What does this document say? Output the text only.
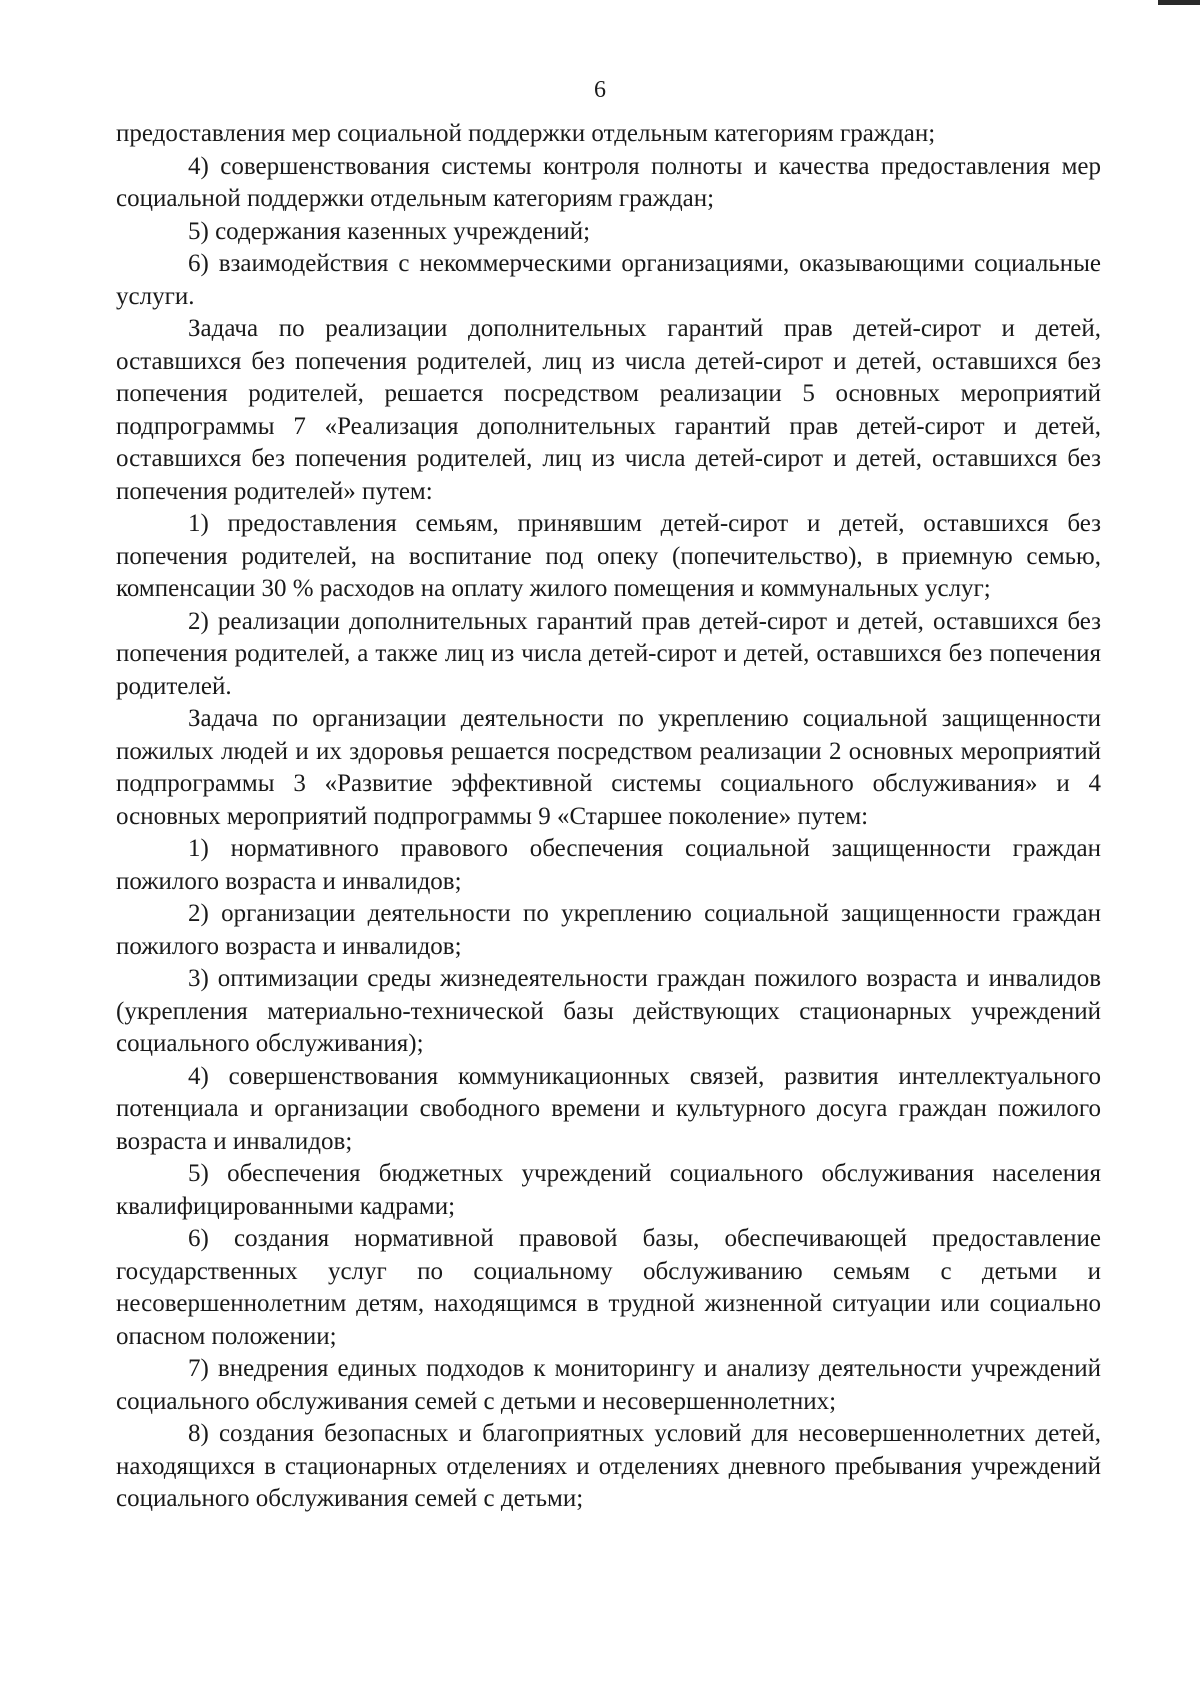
6

предоставления мер социальной поддержки отдельным категориям граждан;

4) совершенствования системы контроля полноты и качества предоставления мер социальной поддержки отдельным категориям граждан;

5) содержания казенных учреждений;

6) взаимодействия с некоммерческими организациями, оказывающими социальные услуги.

Задача по реализации дополнительных гарантий прав детей-сирот и детей, оставшихся без попечения родителей, лиц из числа детей-сирот и детей, оставшихся без попечения родителей, решается посредством реализации 5 основных мероприятий подпрограммы 7 «Реализация дополнительных гарантий прав детей-сирот и детей, оставшихся без попечения родителей, лиц из числа детей-сирот и детей, оставшихся без попечения родителей» путем:

1) предоставления семьям, принявшим детей-сирот и детей, оставшихся без попечения родителей, на воспитание под опеку (попечительство), в приемную семью, компенсации 30 % расходов на оплату жилого помещения и коммунальных услуг;

2) реализации дополнительных гарантий прав детей-сирот и детей, оставшихся без попечения родителей, а также лиц из числа детей-сирот и детей, оставшихся без попечения родителей.

Задача по организации деятельности по укреплению социальной защищенности пожилых людей и их здоровья решается посредством реализации 2 основных мероприятий подпрограммы 3 «Развитие эффективной системы социального обслуживания» и 4 основных мероприятий подпрограммы 9 «Старшее поколение» путем:

1) нормативного правового обеспечения социальной защищенности граждан пожилого возраста и инвалидов;

2) организации деятельности по укреплению социальной защищенности граждан пожилого возраста и инвалидов;

3) оптимизации среды жизнедеятельности граждан пожилого возраста и инвалидов (укрепления материально-технической базы действующих стационарных учреждений социального обслуживания);

4) совершенствования коммуникационных связей, развития интеллектуального потенциала и организации свободного времени и культурного досуга граждан пожилого возраста и инвалидов;

5) обеспечения бюджетных учреждений социального обслуживания населения квалифицированными кадрами;

6) создания нормативной правовой базы, обеспечивающей предоставление государственных услуг по социальному обслуживанию семьям с детьми и несовершеннолетним детям, находящимся в трудной жизненной ситуации или социально опасном положении;

7) внедрения единых подходов к мониторингу и анализу деятельности учреждений социального обслуживания семей с детьми и несовершеннолетних;

8) создания безопасных и благоприятных условий для несовершеннолетних детей, находящихся в стационарных отделениях и отделениях дневного пребывания учреждений социального обслуживания семей с детьми;
